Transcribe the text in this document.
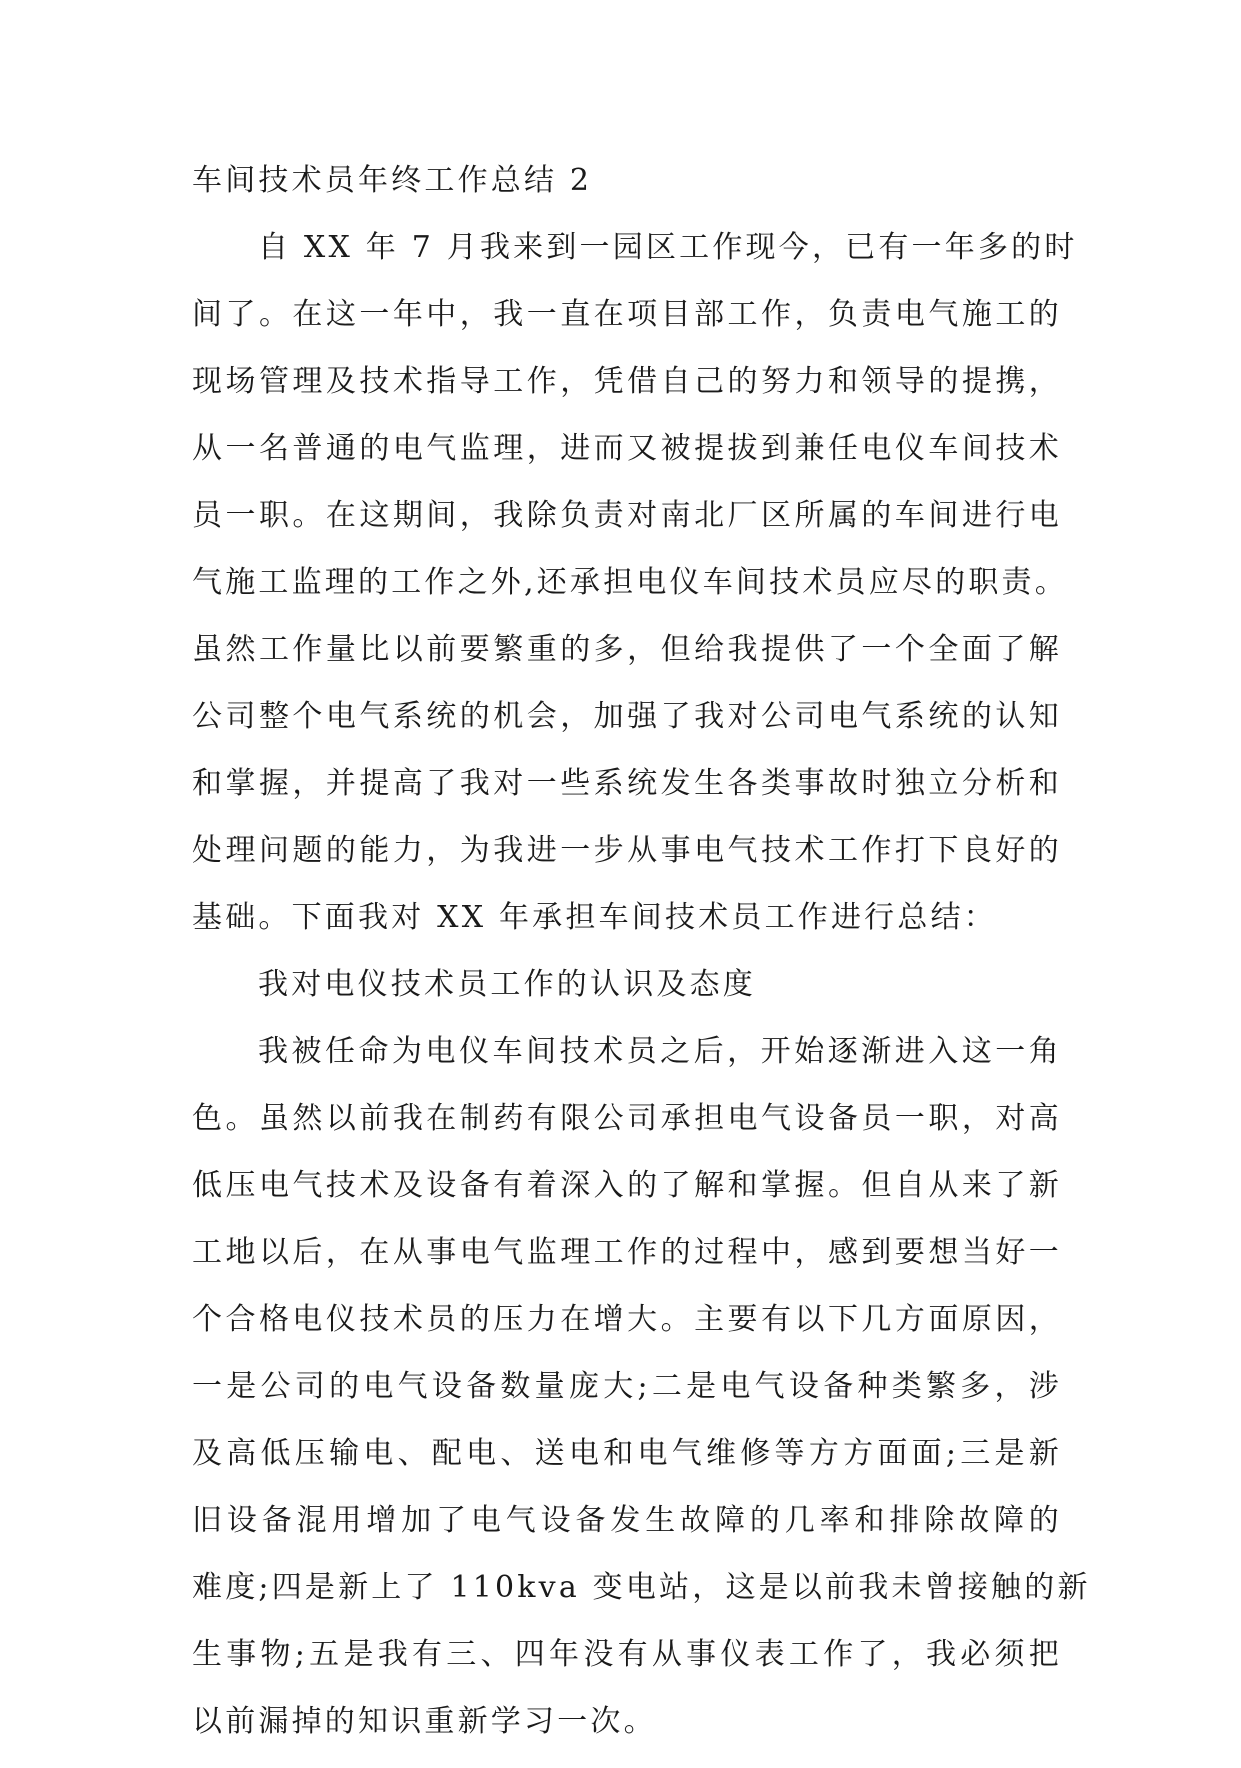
车间技术员年终工作总结 2
自 XX 年 7 月我来到一园区工作现今，已有一年多的时
间了。在这一年中，我一直在项目部工作，负责电气施工的
现场管理及技术指导工作，凭借自己的努力和领导的提携，
从一名普通的电气监理，进而又被提拔到兼任电仪车间技术
员一职。在这期间，我除负责对南北厂区所属的车间进行电
气施工监理的工作之外,还承担电仪车间技术员应尽的职责。
虽然工作量比以前要繁重的多，但给我提供了一个全面了解
公司整个电气系统的机会，加强了我对公司电气系统的认知
和掌握，并提高了我对一些系统发生各类事故时独立分析和
处理问题的能力，为我进一步从事电气技术工作打下良好的
基础。下面我对 XX 年承担车间技术员工作进行总结：
我对电仪技术员工作的认识及态度
我被任命为电仪车间技术员之后，开始逐渐进入这一角
色。虽然以前我在制药有限公司承担电气设备员一职，对高
低压电气技术及设备有着深入的了解和掌握。但自从来了新
工地以后，在从事电气监理工作的过程中，感到要想当好一
个合格电仪技术员的压力在增大。主要有以下几方面原因，
一是公司的电气设备数量庞大;二是电气设备种类繁多，涉
及高低压输电、配电、送电和电气维修等方方面面;三是新
旧设备混用增加了电气设备发生故障的几率和排除故障的
难度;四是新上了 110kva 变电站，这是以前我未曾接触的新
生事物;五是我有三、四年没有从事仪表工作了，我必须把
以前漏掉的知识重新学习一次。
